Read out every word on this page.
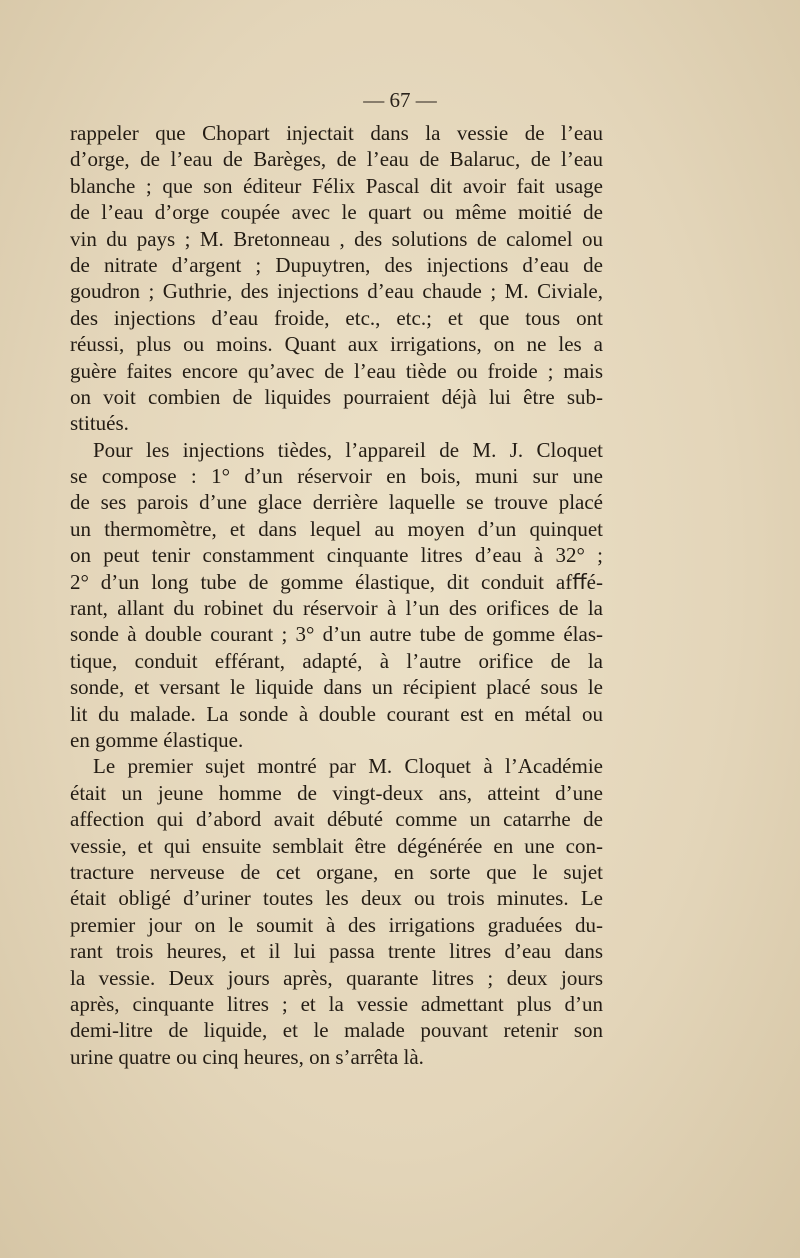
— 67 —
rappeler que Chopart injectait dans la vessie de l’eau
d’orge, de l’eau de Barèges, de l’eau de Balaruc, de l’eau
blanche ; que son éditeur Félix Pascal dit avoir fait usage
de l’eau d’orge coupée avec le quart ou même moitié de
vin du pays ; M. Bretonneau , des solutions de calomel ou
de nitrate d’argent ; Dupuytren, des injections d’eau de
goudron ; Guthrie, des injections d’eau chaude ; M. Civiale,
des injections d’eau froide, etc., etc.; et que tous ont
réussi, plus ou moins. Quant aux irrigations, on ne les a
guère faites encore qu’avec de l’eau tiède ou froide ; mais
on voit combien de liquides pourraient déjà lui être sub-
stitués.
Pour les injections tièdes, l’appareil de M. J. Cloquet
se compose : 1° d’un réservoir en bois, muni sur une
de ses parois d’une glace derrière laquelle se trouve placé
un thermomètre, et dans lequel au moyen d’un quinquet
on peut tenir constamment cinquante litres d’eau à 32° ;
2° d’un long tube de gomme élastique, dit conduit afﬀé-
rant, allant du robinet du réservoir à l’un des orifices de la
sonde à double courant ; 3° d’un autre tube de gomme élas-
tique, conduit efférant, adapté, à l’autre orifice de la
sonde, et versant le liquide dans un récipient placé sous le
lit du malade. La sonde à double courant est en métal ou
en gomme élastique.
Le premier sujet montré par M. Cloquet à l’Académie
était un jeune homme de vingt-deux ans, atteint d’une
affection qui d’abord avait débuté comme un catarrhe de
vessie, et qui ensuite semblait être dégénérée en une con-
tracture nerveuse de cet organe, en sorte que le sujet
était obligé d’uriner toutes les deux ou trois minutes. Le
premier jour on le soumit à des irrigations graduées du-
rant trois heures, et il lui passa trente litres d’eau dans
la vessie. Deux jours après, quarante litres ; deux jours
après, cinquante litres ; et la vessie admettant plus d’un
demi-litre de liquide, et le malade pouvant retenir son
urine quatre ou cinq heures, on s’arrêta là.
